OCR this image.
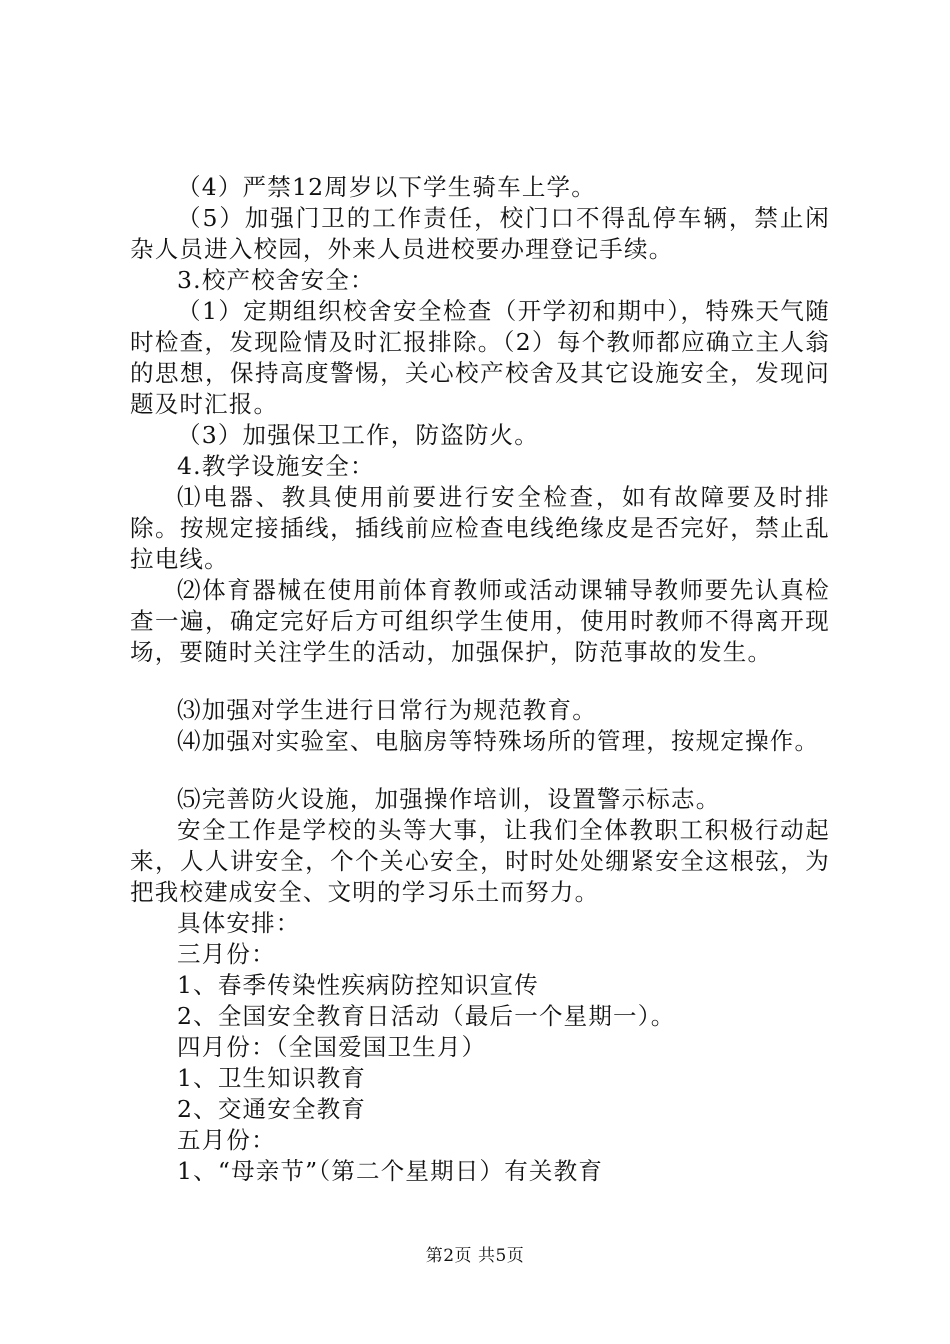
（4）严禁12周岁以下学生骑车上学。

（5）加强门卫的工作责任，校门口不得乱停车辆，禁止闲杂人员进入校园，外来人员进校要办理登记手续。

3.校产校舍安全：

（1）定期组织校舍安全检查（开学初和期中），特殊天气随时检查，发现险情及时汇报排除。（2）每个教师都应确立主人翁的思想，保持高度警惕，关心校产校舍及其它设施安全，发现问题及时汇报。

（3）加强保卫工作，防盗防火。

4.教学设施安全：

⑴电器、教具使用前要进行安全检查，如有故障要及时排除。按规定接插线，插线前应检查电线绝缘皮是否完好，禁止乱拉电线。

⑵体育器械在使用前体育教师或活动课辅导教师要先认真检查一遍，确定完好后方可组织学生使用，使用时教师不得离开现场，要随时关注学生的活动，加强保护，防范事故的发生。

⑶加强对学生进行日常行为规范教育。

⑷加强对实验室、电脑房等特殊场所的管理，按规定操作。

⑸完善防火设施，加强操作培训，设置警示标志。

安全工作是学校的头等大事，让我们全体教职工积极行动起来，人人讲安全，个个关心安全，时时处处绷紧安全这根弦，为把我校建成安全、文明的学习乐土而努力。

具体安排：

三月份：

1、春季传染性疾病防控知识宣传

2、全国安全教育日活动（最后一个星期一）。

四月份：（全国爱国卫生月）

1、卫生知识教育

2、交通安全教育

五月份：

1、“母亲节”（第二个星期日）有关教育

第2页 共5页
